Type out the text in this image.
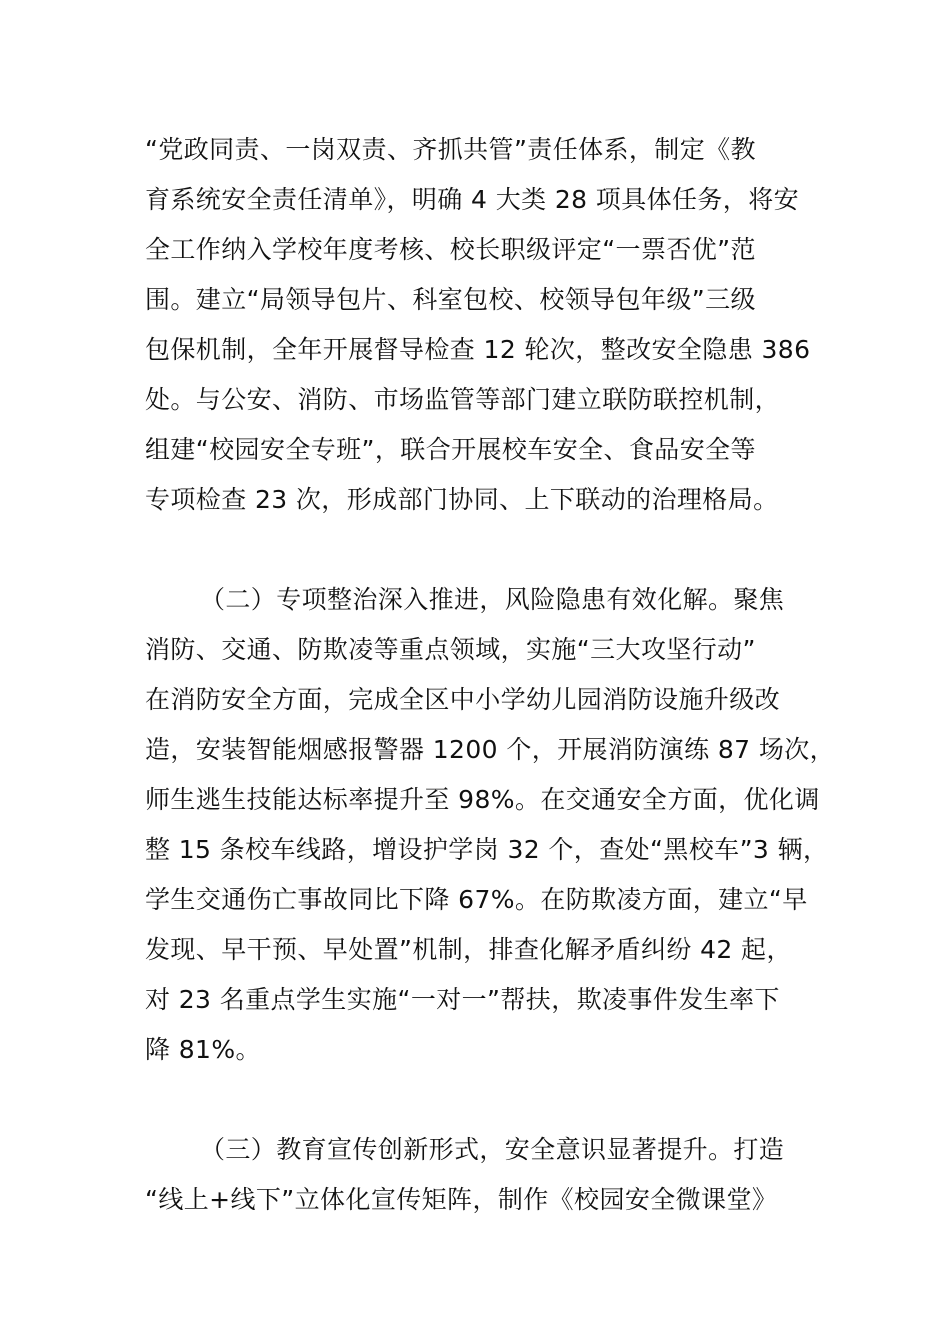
“党政同责、一岗双责、齐抓共管”责任体系，制定《教
育系统安全责任清单》，明确 4 大类 28 项具体任务，将安
全工作纳入学校年度考核、校长职级评定“一票否优”范
围。建立“局领导包片、科室包校、校领导包年级”三级
包保机制，全年开展督导检查 12 轮次，整改安全隐患 386
处。与公安、消防、市场监管等部门建立联防联控机制，
组建“校园安全专班”，联合开展校车安全、食品安全等
专项检查 23 次，形成部门协同、上下联动的治理格局。
（二）专项整治深入推进，风险隐患有效化解。聚焦
消防、交通、防欺凌等重点领域，实施“三大攻坚行动”
在消防安全方面，完成全区中小学幼儿园消防设施升级改
造，安装智能烟感报警器 1200 个，开展消防演练 87 场次，
师生逃生技能达标率提升至 98%。在交通安全方面，优化调
整 15 条校车线路，增设护学岗 32 个，查处“黑校车”3 辆，
学生交通伤亡事故同比下降 67%。在防欺凌方面，建立“早
发现、早干预、早处置”机制，排查化解矛盾纠纷 42 起，
对 23 名重点学生实施“一对一”帮扶，欺凌事件发生率下
降 81%。
（三）教育宣传创新形式，安全意识显著提升。打造
“线上+线下”立体化宣传矩阵，制作《校园安全微课堂》
